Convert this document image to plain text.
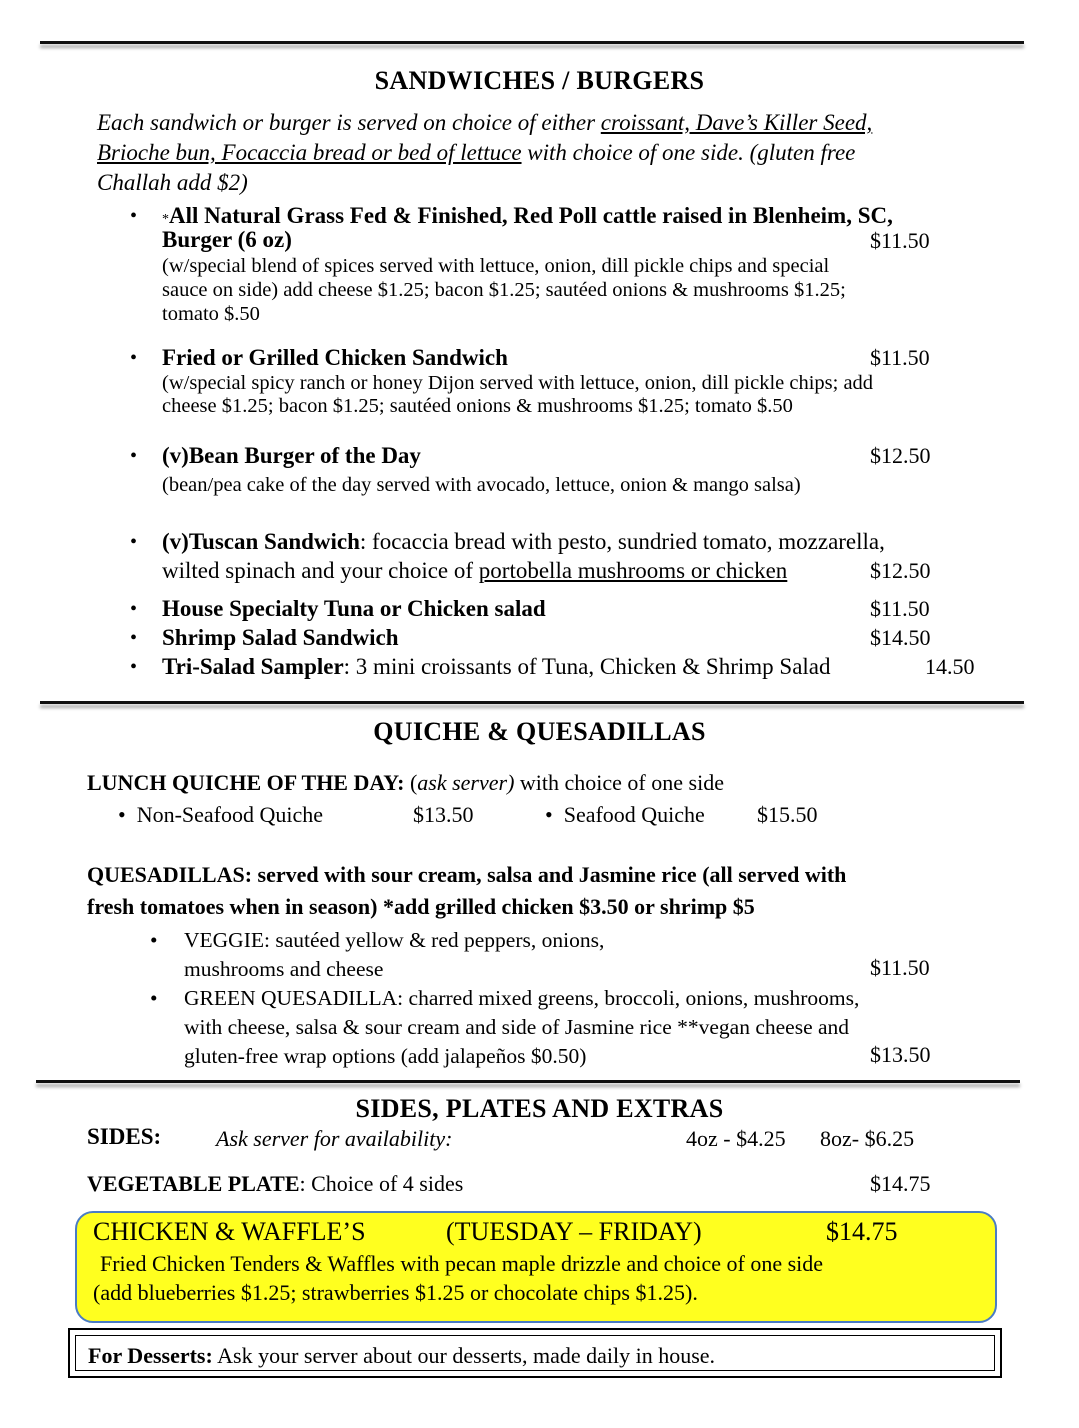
SANDWICHES / BURGERS
Each sandwich or burger is served on choice of either croissant, Dave’s Killer Seed,
Brioche bun, Focaccia bread or bed of lettuce with choice of one side. (gluten free
Challah add $2)
• *All Natural Grass Fed & Finished, Red Poll cattle raised in Blenheim, SC,
Burger (6 oz)
(w/special blend of spices served with lettuce, onion, dill pickle chips and special
sauce on side) add cheese $1.25; bacon $1.25; sautéed onions & mushrooms $1.25;
tomato $.50
$11.50
• Fried or Grilled Chicken Sandwich
(w/special spicy ranch or honey Dijon served with lettuce, onion, dill pickle chips; add
cheese $1.25; bacon $1.25; sautéed onions & mushrooms $1.25; tomato $.50
$11.50
• (v)Bean Burger of the Day
(bean/pea cake of the day served with avocado, lettuce, onion & mango salsa)
$12.50
• (v)Tuscan Sandwich: focaccia bread with pesto, sundried tomato, mozzarella,
wilted spinach and your choice of portobella mushrooms or chicken	$12.50
• House Specialty Tuna or Chicken salad	$11.50
• Shrimp Salad Sandwich	$14.50
• Tri-Salad Sampler: 3 mini croissants of Tuna, Chicken & Shrimp Salad	14.50
QUICHE & QUESADILLAS
LUNCH QUICHE OF THE DAY: (ask server) with choice of one side
• Non-Seafood Quiche	$13.50	• Seafood Quiche $15.50
QUESADILLAS: served with sour cream, salsa and Jasmine rice (all served with
fresh tomatoes when in season) *add grilled chicken $3.50 or shrimp $5
•	VEGGIE: sautéed yellow & red peppers, onions,
mushrooms and cheese	$11.50
•	GREEN QUESADILLA: charred mixed greens, broccoli, onions, mushrooms,
with cheese, salsa & sour cream and side of Jasmine rice **vegan cheese and
gluten-free wrap options (add jalapeños $0.50)	$13.50
SIDES, PLATES AND EXTRAS
SIDES: Ask server for availability:	4oz - $4.25 8oz- $6.25
VEGETABLE PLATE: Choice of 4 sides	$14.75
CHICKEN & WAFFLE’S	(TUESDAY – FRIDAY)	$14.75
Fried Chicken Tenders & Waffles with pecan maple drizzle and choice of one side
(add blueberries $1.25; strawberries $1.25 or chocolate chips $1.25).
For Desserts: Ask your server about our desserts, made daily in house.
